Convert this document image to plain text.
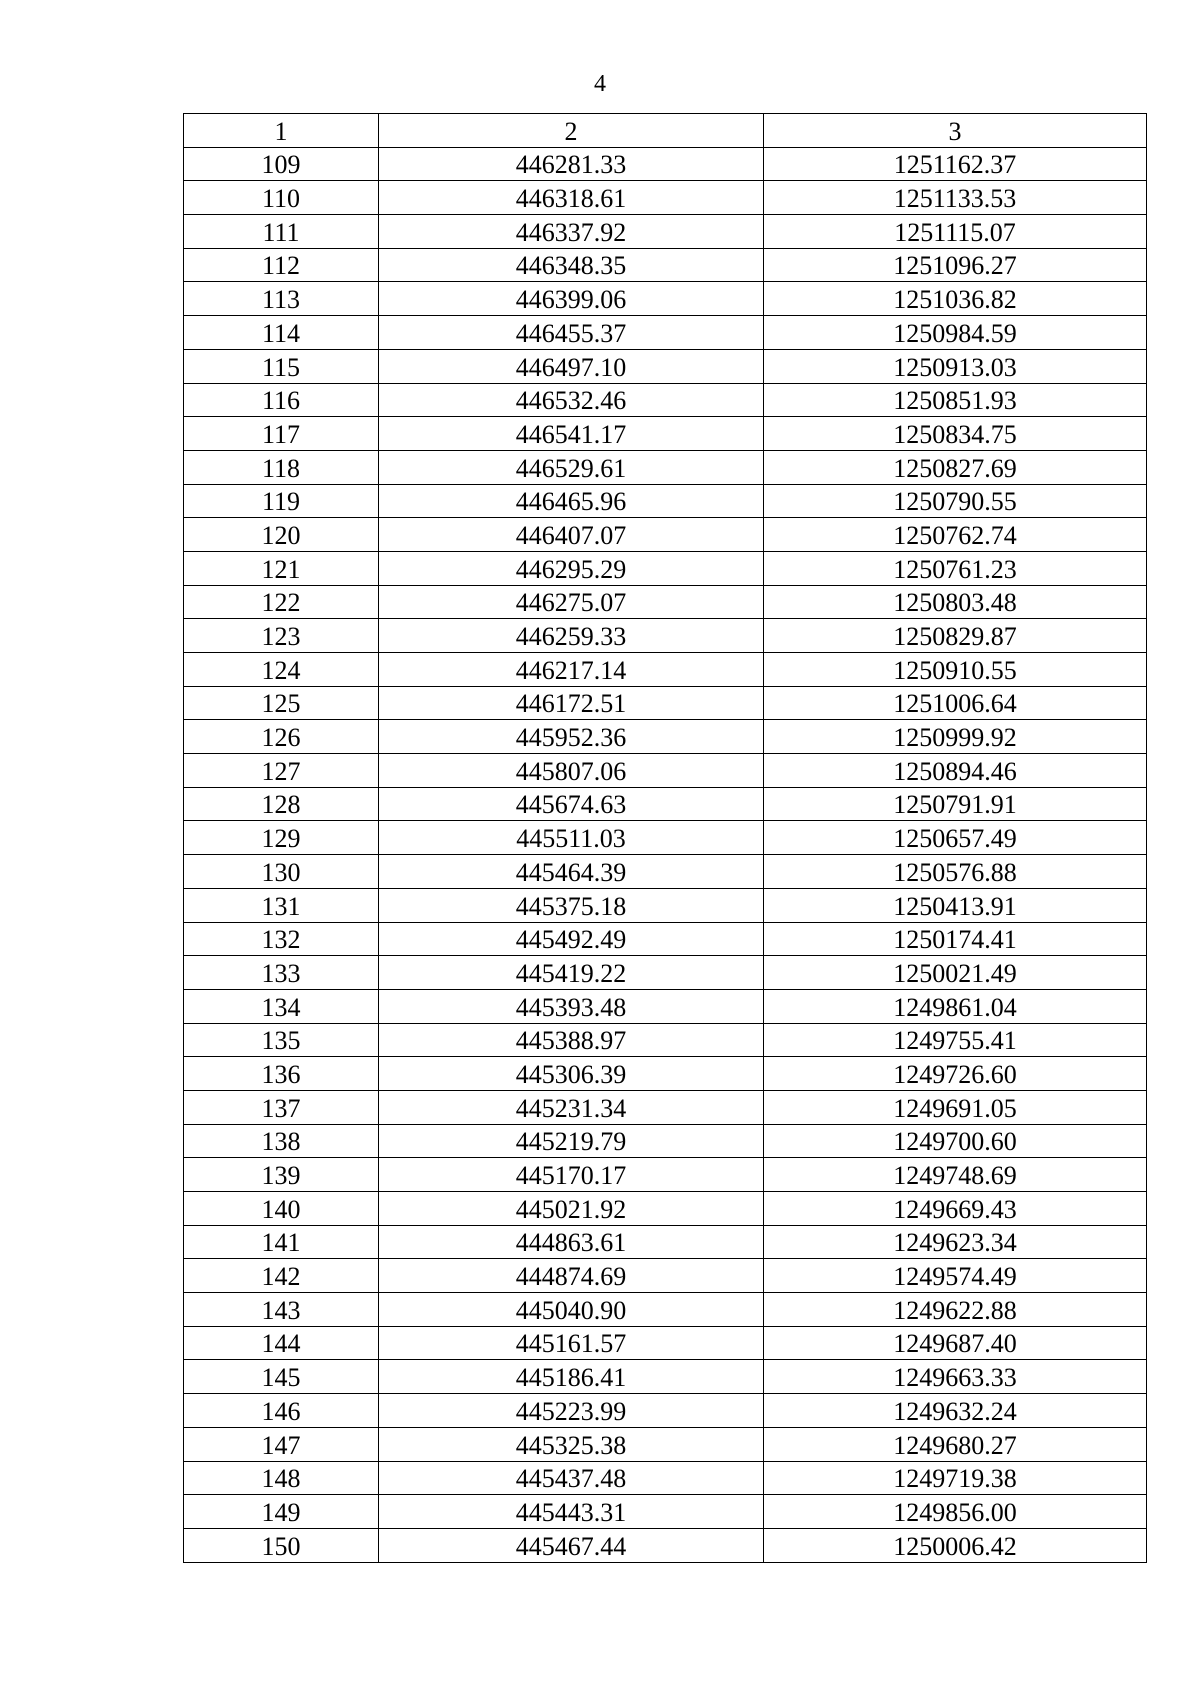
4
1	2	3
109	446281.33	1251162.37
110	446318.61	1251133.53
111	446337.92	1251115.07
112	446348.35	1251096.27
113	446399.06	1251036.82
114	446455.37	1250984.59
115	446497.10	1250913.03
116	446532.46	1250851.93
117	446541.17	1250834.75
118	446529.61	1250827.69
119	446465.96	1250790.55
120	446407.07	1250762.74
121	446295.29	1250761.23
122	446275.07	1250803.48
123	446259.33	1250829.87
124	446217.14	1250910.55
125	446172.51	1251006.64
126	445952.36	1250999.92
127	445807.06	1250894.46
128	445674.63	1250791.91
129	445511.03	1250657.49
130	445464.39	1250576.88
131	445375.18	1250413.91
132	445492.49	1250174.41
133	445419.22	1250021.49
134	445393.48	1249861.04
135	445388.97	1249755.41
136	445306.39	1249726.60
137	445231.34	1249691.05
138	445219.79	1249700.60
139	445170.17	1249748.69
140	445021.92	1249669.43
141	444863.61	1249623.34
142	444874.69	1249574.49
143	445040.90	1249622.88
144	445161.57	1249687.40
145	445186.41	1249663.33
146	445223.99	1249632.24
147	445325.38	1249680.27
148	445437.48	1249719.38
149	445443.31	1249856.00
150	445467.44	1250006.42
